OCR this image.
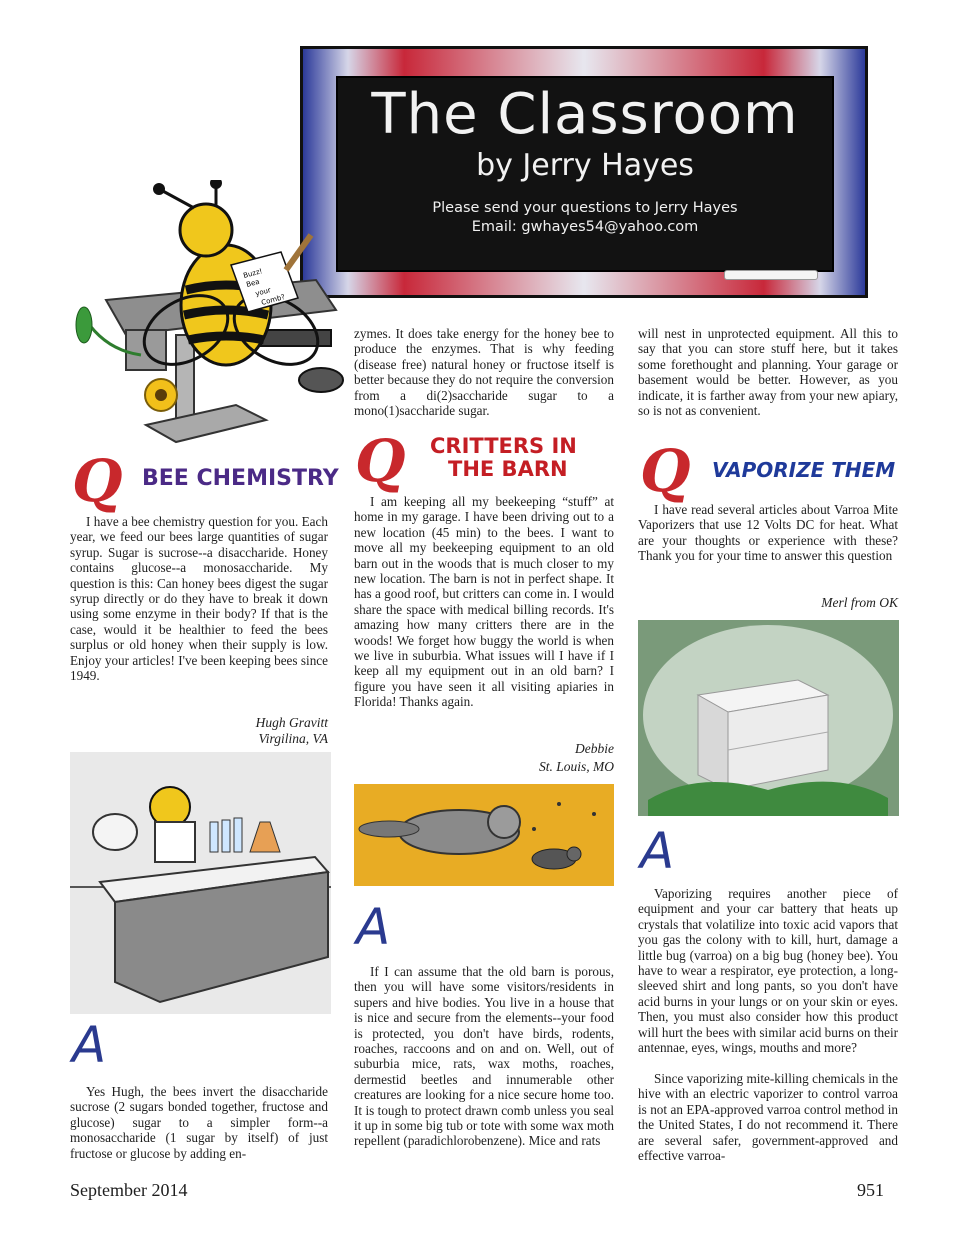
The Classroom
by Jerry Hayes
Please send your questions to Jerry Hayes
Email: gwhayes54@yahoo.com
Buzz!
Bea
your
Comb?
Q BEE CHEMISTRY

I have a bee chemistry question for you. Each year, we feed our bees large quantities of sugar syrup. Sugar is sucrose--a disaccharide. Honey contains glucose--a monosaccharide. My question is this: Can honey bees digest the sugar syrup directly or do they have to break it down using some enzyme in their body? If that is the case, would it be healthier to feed the bees surplus or old honey when their supply is low. Enjoy your articles! I've been keeping bees since 1949.

Hugh Gravitt
Virgilina, VA
A

Yes Hugh, the bees invert the disaccharide sucrose (2 sugars bonded together, fructose and glucose) sugar to a simpler form--a monosaccharide (1 sugar by itself) of just fructose or glucose by adding en-

zymes. It does take energy for the honey bee to produce the enzymes. That is why feeding (disease free) natural honey or fructose itself is better because they do not require the conversion from a di(2)saccharide sugar to a mono(1)saccharide sugar.

Q CRITTERS IN
THE BARN

I am keeping all my beekeeping “stuff” at home in my garage. I have been driving out to a new location (45 min) to the bees. I want to move all my beekeeping equipment to an old barn out in the woods that is much closer to my new location. The barn is not in perfect shape. It has a good roof, but critters can come in. I would share the space with medical billing records. It's amazing how many critters there are in the woods! We forget how buggy the world is when we live in suburbia. What issues will I have if I keep all my equipment out in an old barn? I figure you have seen it all visiting apiaries in Florida! Thanks again.

Debbie
St. Louis, MO
A

If I can assume that the old barn is porous, then you will have some visitors/residents in supers and hive bodies. You live in a house that is nice and secure from the elements--your food is protected, you don't have birds, rodents, roaches, raccoons and on and on. Well, out of suburbia mice, rats, wax moths, roaches, dermestid beetles and innumerable other creatures are looking for a nice secure home too. It is tough to protect drawn comb unless you seal it up in some big tub or tote with some wax moth repellent (paradichlorobenzene). Mice and rats

will nest in unprotected equipment. All this to say that you can store stuff here, but it takes some forethought and planning. Your garage or basement would be better. However, as you indicate, it is farther away from your new apiary, so is not as convenient.

Q VAPORIZE THEM

I have read several articles about Varroa Mite Vaporizers that use 12 Volts DC for heat. What are your thoughts or experience with these? Thank you for your time to answer this question

Merl from OK
A

Vaporizing requires another piece of equipment and your car battery that heats up crystals that volatilize into toxic acid vapors that you gas the colony with to kill, hurt, damage a little bug (varroa) on a big bug (honey bee). You have to wear a respirator, eye protection, a long-sleeved shirt and long pants, so you don't have acid burns in your lungs or on your skin or eyes. Then, you must also consider how this product will hurt the bees with similar acid burns on their antennae, eyes, wings, mouths and more?

Since vaporizing mite-killing chemicals in the hive with an electric vaporizer to control varroa is not an EPA-approved varroa control method in the United States, I do not recommend it. There are several safer, government-approved and effective varroa-

September 2014	951
